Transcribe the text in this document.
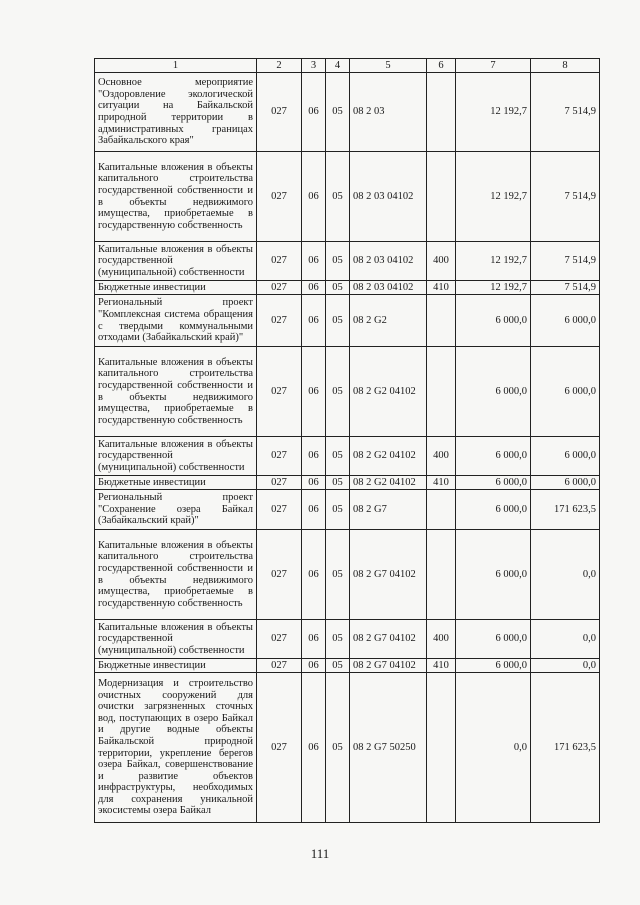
1	2	3	4	5	6	7	8
Основное мероприятие "Оздоровление экологической ситуации на Байкальской природной территории в административных границах Забайкальского края"	027	06	05	08 2 03		12 192,7	7 514,9
Капитальные вложения в объекты капитального строительства государственной собственности и в объекты недвижимого имущества, приобретаемые в государственную собственность	027	06	05	08 2 03 04102		12 192,7	7 514,9
Капитальные вложения в объекты государственной (муниципальной) собственности	027	06	05	08 2 03 04102	400	12 192,7	7 514,9
Бюджетные инвестиции	027	06	05	08 2 03 04102	410	12 192,7	7 514,9
Региональный проект "Комплексная система обращения с твердыми коммунальными отходами (Забайкальский край)"	027	06	05	08 2 G2		6 000,0	6 000,0
Капитальные вложения в объекты капитального строительства государственной собственности и в объекты недвижимого имущества, приобретаемые в государственную собственность	027	06	05	08 2 G2 04102		6 000,0	6 000,0
Капитальные вложения в объекты государственной (муниципальной) собственности	027	06	05	08 2 G2 04102	400	6 000,0	6 000,0
Бюджетные инвестиции	027	06	05	08 2 G2 04102	410	6 000,0	6 000,0
Региональный проект "Сохранение озера Байкал (Забайкальский край)"	027	06	05	08 2 G7		6 000,0	171 623,5
Капитальные вложения в объекты капитального строительства государственной собственности и в объекты недвижимого имущества, приобретаемые в государственную собственность	027	06	05	08 2 G7 04102		6 000,0	0,0
Капитальные вложения в объекты государственной (муниципальной) собственности	027	06	05	08 2 G7 04102	400	6 000,0	0,0
Бюджетные инвестиции	027	06	05	08 2 G7 04102	410	6 000,0	0,0
Модернизация и строительство очистных сооружений для очистки загрязненных сточных вод, поступающих в озеро Байкал и другие водные объекты Байкальской природной территории, укрепление берегов озера Байкал, совершенствование и развитие объектов инфраструктуры, необходимых для сохранения уникальной экосистемы озера Байкал	027	06	05	08 2 G7 50250		0,0	171 623,5
111
